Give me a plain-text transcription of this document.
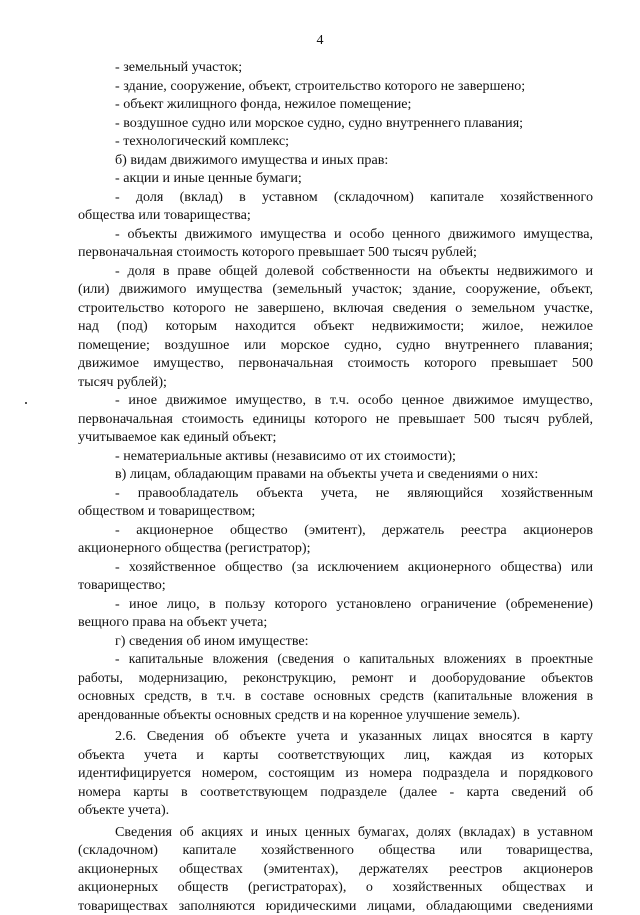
4
- земельный участок;
- здание, сооружение, объект, строительство которого не завершено;
- объект жилищного фонда, нежилое помещение;
- воздушное судно или морское судно, судно внутреннего плавания;
- технологический комплекс;
б) видам движимого имущества и иных прав:
- акции и иные ценные бумаги;
- доля (вклад) в уставном (складочном) капитале хозяйственного
общества или товарищества;
- объекты движимого имущества и особо ценного движимого имущества,
первоначальная стоимость которого превышает 500 тысяч рублей;
- доля в праве общей долевой собственности на объекты недвижимого и
(или) движимого имущества (земельный участок; здание, сооружение, объект,
строительство которого не завершено, включая сведения о земельном участке,
над (под) которым находится объект недвижимости; жилое, нежилое
помещение; воздушное или морское судно, судно внутреннего плавания;
движимое имущество, первоначальная стоимость которого превышает 500
тысяч рублей);
- иное движимое имущество, в т.ч. особо ценное движимое имущество,
первоначальная стоимость единицы которого не превышает 500 тысяч рублей,
учитываемое как единый объект;
- нематериальные активы (независимо от их стоимости);
в) лицам, обладающим правами на объекты учета и сведениями о них:
- правообладатель объекта учета, не являющийся хозяйственным
обществом и товариществом;
- акционерное общество (эмитент), держатель реестра акционеров
акционерного общества (регистратор);
- хозяйственное общество (за исключением акционерного общества) или
товарищество;
- иное лицо, в пользу которого установлено ограничение (обременение)
вещного права на объект учета;
г) сведения об ином имуществе:
- капитальные вложения (сведения о капитальных вложениях в проектные
работы, модернизацию, реконструкцию, ремонт и дооборудование объектов
основных средств, в т.ч. в составе основных средств (капитальные вложения в
арендованные объекты основных средств и на коренное улучшение земель).
2.6. Сведения об объекте учета и указанных лицах вносятся в карту
объекта учета и карты соответствующих лиц, каждая из которых
идентифицируется номером, состоящим из номера подраздела и порядкового
номера карты в соответствующем подразделе (далее - карта сведений об
объекте учета).
Сведения об акциях и иных ценных бумагах, долях (вкладах) в уставном
(складочном) капитале хозяйственного общества или товарищества,
акционерных обществах (эмитентах), держателях реестров акционеров
акционерных обществ (регистраторах), о хозяйственных обществах и
товариществах заполняются юридическими лицами, обладающими сведениями
